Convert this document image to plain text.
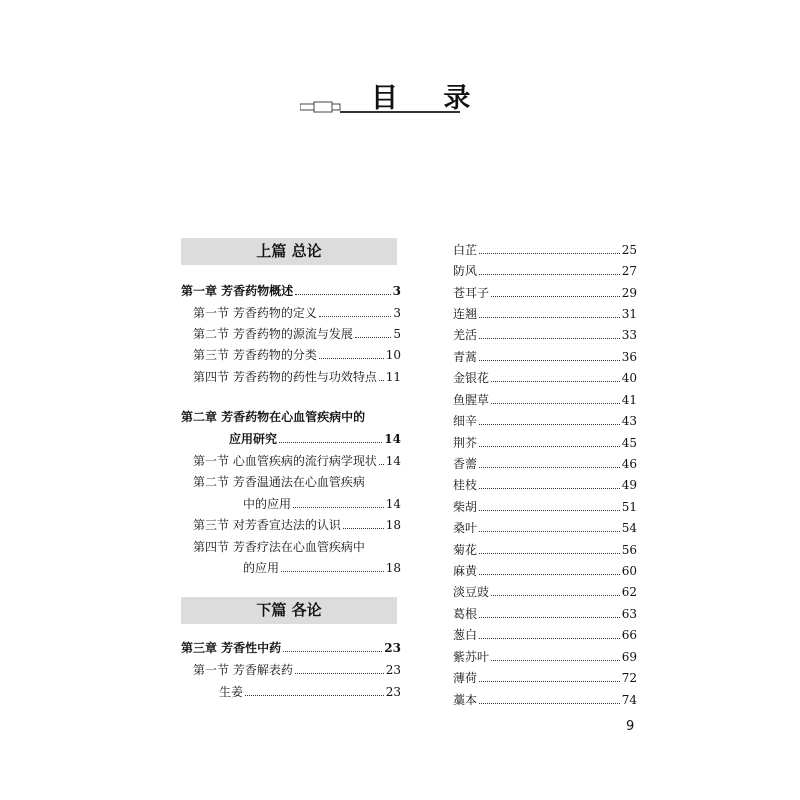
目 录
上篇 总论
第一章 芳香药物概述	3
第一节 芳香药物的定义	3
第二节 芳香药物的源流与发展	5
第三节 芳香药物的分类	10
第四节 芳香药物的药性与功效特点 11
第二章 芳香药物在心血管疾病中的
应用研究	14
第一节 心血管疾病的流行病学现状 14
第二节 芳香温通法在心血管疾病
中的应用	14
第三节 对芳香宣达法的认识	18
第四节 芳香疗法在心血管疾病中
的应用	18
下篇 各论
第三章 芳香性中药	23
第一节 芳香解表药	23
生姜	23
白芷	25
防风	27
苍耳子	29
连翘	31
羌活	33
青蒿	36
金银花	40
鱼腥草	41
细辛	43
荆芥	45
香薷	46
桂枝	49
柴胡	51
桑叶	54
菊花	56
麻黄	60
淡豆豉	62
葛根	63
葱白	66
紫苏叶	69
薄荷	72
藁本	74
9
